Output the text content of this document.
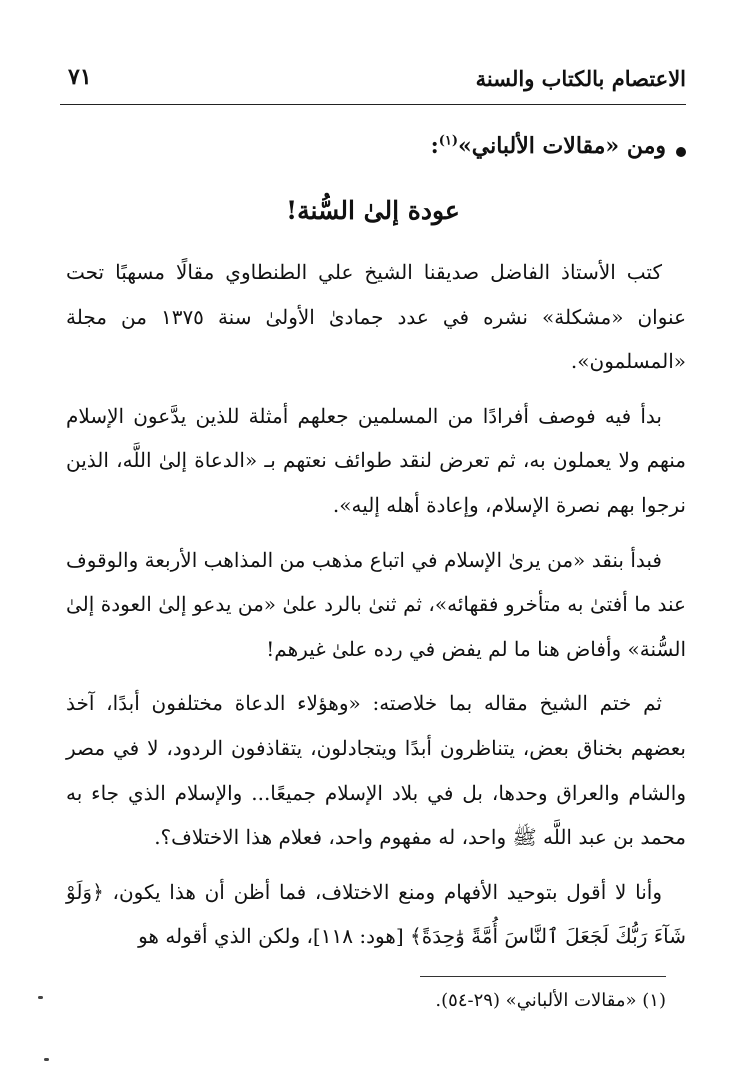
الاعتصام بالكتاب والسنة
٧١
ومن «مقالات الألباني»$^{(١)}$:
عودة إلىٰ السُّنة!

كتب الأستاذ الفاضل صديقنا الشيخ علي الطنطاوي مقالًا مسهبًا تحت عنوان «مشكلة» نشره في عدد جمادىٰ الأولىٰ سنة ١٣٧٥ من مجلة «المسلمون».

بدأ فيه فوصف أفرادًا من المسلمين جعلهم أمثلة للذين يدَّعون الإسلام منهم ولا يعملون به، ثم تعرض لنقد طوائف نعتهم بـ «الدعاة إلىٰ اللَّه، الذين نرجوا بهم نصرة الإسلام، وإعادة أهله إليه».

فبدأ بنقد «من يرىٰ الإسلام في اتباع مذهب من المذاهب الأربعة والوقوف عند ما أفتىٰ به متأخرو فقهائه»، ثم ثنىٰ بالرد علىٰ «من يدعو إلىٰ العودة إلىٰ السُّنة» وأفاض هنا ما لم يفض في رده علىٰ غيرهم!

ثم ختم الشيخ مقاله بما خلاصته: «وهؤلاء الدعاة مختلفون أبدًا، آخذ بعضهم بخناق بعض، يتناظرون أبدًا ويتجادلون، يتقاذفون الردود، لا في مصر والشام والعراق وحدها، بل في بلاد الإسلام جميعًا... والإسلام الذي جاء به محمد بن عبد اللَّه ﷺ واحد، له مفهوم واحد، فعلام هذا الاختلاف؟.

وأنا لا أقول بتوحيد الأفهام ومنع الاختلاف، فما أظن أن هذا يكون، ﴿وَلَوْ شَآءَ رَبُّكَ لَجَعَلَ ٱلنَّاسَ أُمَّةً وَٰحِدَةً﴾ [هود: ١١٨]، ولكن الذي أقوله هو

(١) «مقالات الألباني» (٢٩-٥٤).
